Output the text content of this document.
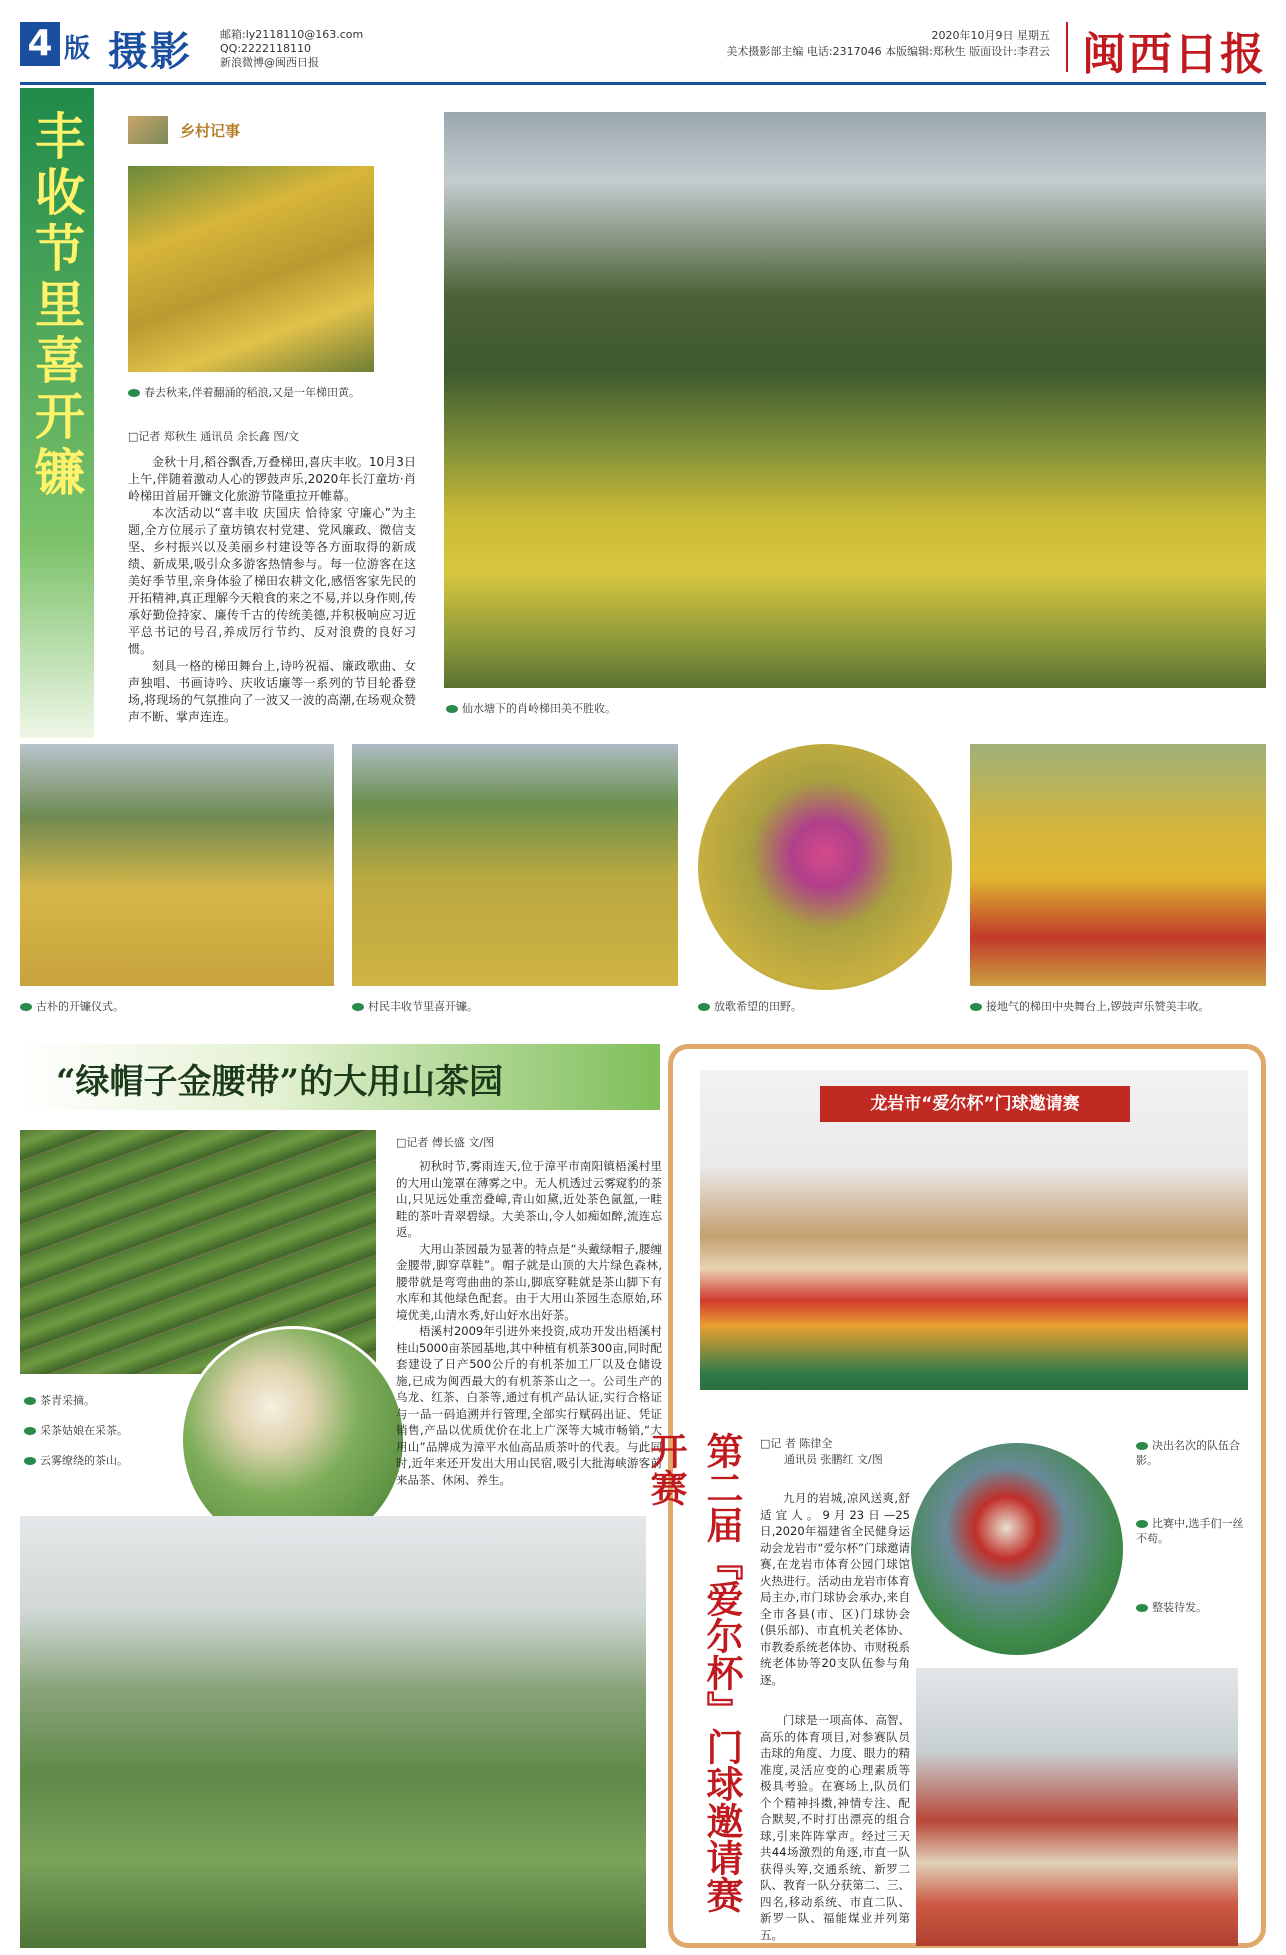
4 版 摄影	邮箱:ly2118110@163.com
QQ:2222118110
新浪微博@闽西日报
2020年10月9日 星期五
美术摄影部主编 电话:2317046 本版编辑:郑秋生 版面设计:李君云 闽西日报
丰收节里喜开镰	乡村记事
春去秋来,伴着翻涌的稻浪,又是一年梯田黄。
□记者 郑秋生 通讯员 余长鑫 图/文

金秋十月,稻谷飘香,万叠梯田,喜庆丰收。10月3日上午,伴随着激动人心的锣鼓声乐,2020年长汀童坊·肖岭梯田首届开镰文化旅游节隆重拉开帷幕。

本次活动以“喜丰收 庆国庆 恰待家 守廉心”为主题,全方位展示了童坊镇农村党建、党风廉政、微信支坚、乡村振兴以及美丽乡村建设等各方面取得的新成绩、新成果,吸引众多游客热情参与。每一位游客在这美好季节里,亲身体验了梯田农耕文化,感悟客家先民的开拓精神,真正理解今天粮食的来之不易,并以身作则,传承好勤俭持家、廉传千古的传统美德,并积极响应习近平总书记的号召,养成厉行节约、反对浪费的良好习惯。

刻具一格的梯田舞台上,诗吟祝福、廉政歌曲、女声独唱、书画诗吟、庆收话廉等一系列的节目轮番登场,将现场的气氛推向了一波又一波的高潮,在场观众赞声不断、掌声连连。

仙水塘下的肖岭梯田美不胜收。
古朴的开镰仪式。	村民丰收节里喜开镰。	放歌希望的田野。	接地气的梯田中央舞台上,锣鼓声乐赞美丰收。
“绿帽子金腰带”的大用山茶园
茶青采摘。
采茶姑娘在采茶。
云雾缭绕的茶山。
□记者 傅长盛 文/图

初秋时节,雾雨连天,位于漳平市南阳镇梧溪村里的大用山笼罩在薄雾之中。无人机透过云雾窥豹的茶山,只见远处重峦叠嶂,青山如黛,近处茶色氤氲,一畦畦的茶叶青翠碧绿。大美茶山,令人如痴如醉,流连忘返。

大用山茶园最为显著的特点是“头戴绿帽子,腰缠金腰带,脚穿草鞋”。帽子就是山顶的大片绿色森林,腰带就是弯弯曲曲的茶山,脚底穿鞋就是茶山脚下有水库和其他绿色配套。由于大用山茶园生态原始,环境优美,山清水秀,好山好水出好茶。

梧溪村2009年引进外来投资,成功开发出梧溪村桂山5000亩茶园基地,其中种植有机茶300亩,同时配套建设了日产500公斤的有机茶加工厂以及仓储设施,已成为闽西最大的有机茶茶山之一。公司生产的乌龙、红茶、白茶等,通过有机产品认证,实行合格证与一品一码追溯并行管理,全部实行赋码出证、凭证销售,产品以优质优价在北上广深等大城市畅销,“大用山”品牌成为漳平水仙高品质茶叶的代表。与此同时,近年来还开发出大用山民宿,吸引大批海峡游客前来品茶、休闲、养生。

龙岩市“爱尔杯”门球邀请赛
第二届『爱尔杯』门球邀请赛开赛	□记 者 陈律全
通讯员 张鹏红 文/图

九月的岩城,凉风送爽,舒适宜人。9月23日—25日,2020年福建省全民健身运动会龙岩市“爱尔杯”门球邀请赛,在龙岩市体育公园门球馆火热进行。活动由龙岩市体育局主办,市门球协会承办,来自全市各县(市、区)门球协会(俱乐部)、市直机关老体协、市教委系统老体协、市财税系统老体协等20支队伍参与角逐。

门球是一项高体、高智、高乐的体育项目,对参赛队员击球的角度、力度、眼力的精准度,灵活应变的心理素质等极具考验。在赛场上,队员们个个精神抖擞,神情专注、配合默契,不时打出漂亮的组合球,引来阵阵掌声。经过三天共44场激烈的角逐,市直一队获得头筹,交通系统、新罗二队、教育一队分获第二、三、四名,移动系统、市直二队、新罗一队、福能煤业并列第五。

决出名次的队伍合影。
比赛中,选手们一丝不苟。
整装待发。
